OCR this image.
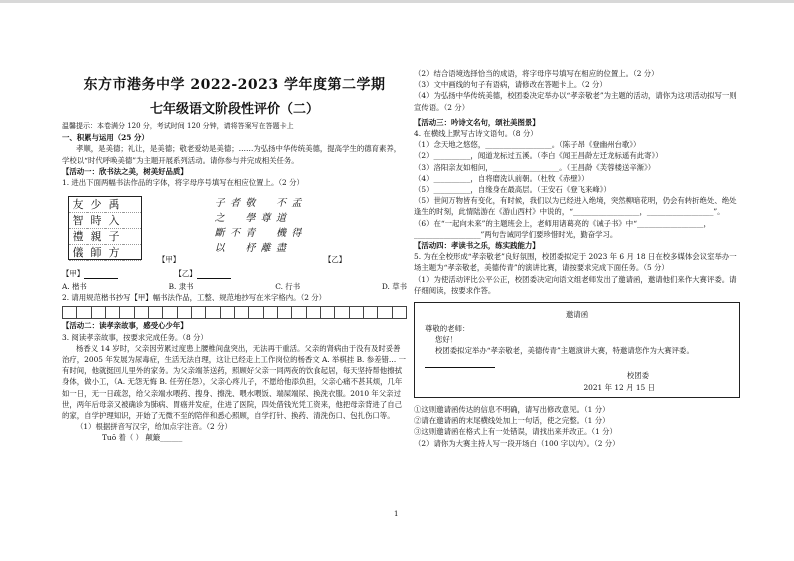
东方市港务中学 2022-2023 学年度第二学期
七年级语文阶段性评价（二）

温馨提示：本卷满分 120 分，考试时间 120 分钟，请将答案写在答题卡上

一、积累与运用（25 分）

孝顺，是美德；礼让，是美德；敬老爱幼是美德；……为弘扬中华传统美德，提高学生的德育素养，学校以“时代呼唤美德”为主题开展系列活动。请你参与并完成相关任务。

【活动一：欣书法之美，树美好品质】

1. 进出下面两幅书法作品的字体，将字母序号填写在相应位置上。（2 分）

友 少 禹
智 時 入
禮 親 子
儀 師 方
子 者 敬 不 孟
之 學 尊 道
斷 不 青 機 得
以 杼 離 盡
【甲】	【乙】
【甲】	【乙】
A. 楷书	B. 隶书	C. 行书	D. 草书

2. 请用规范楷书抄写【甲】幅书法作品，工整、规范地抄写在米字格内。（2 分）

【活动二：读孝亲故事，感受心少年】

3. 阅读孝亲故事，按要求完成任务。（8 分）

杨香义 14 岁时，父亲因劳累过度患上腰椎间盘突出，无法再干重活。父亲的肾病由于没有及时妥善治疗，2005 年发展为尿毒症，生活无法自理，这让已经走上工作岗位的杨香文 A. 举棋挂 B. 参差错… 一有时间，他就挺回儿里外的家务。为父亲端茶送药，照顾好父亲一同两夜的饮食起居，每天坚持帮他擦拭身体，做小工，（A. 无怨无悔 B. 任劳任怨），父亲心疼儿子，不愿给他添负担，父亲心痛不甚其烦，几年如一日，无一日疏忽，给父亲端水喂药、搜身、擦洗、喂水喂饭、端屎端尿、换洗衣服。2010 年父亲过世，两年后母亲又被确诊为肺病、胃癌并发症，住进了医院，四处借钱光凭工资来，他把母亲背进了自己的家，自学护理知识，开始了无微不至的陪伴和悉心照顾，自学打针、换药、清洗伤口、包扎伤口等。

（1）根据拼音写汉字，给加点字注音。（2 分）

Tuō 着（ ） 颠簸______

（2）结合语境选择恰当的成语，将字母序号填写在相应的位置上。（2 分）

（3）文中画线的句子有语病，请修改在答题卡上。（2 分）

（4）为弘扬中华传统美德，校团委决定举办以“孝亲敬老”为主题的活动，请你为这项活动拟写一则宣传语。（2 分）

【活动三：吟诗文名句，颂社美图景】

4. 在横线上默写古诗文语句。（8 分）

（1）念天地之悠悠，__________________。（陈子昂《登幽州台歌》）

（2）__________，闻道龙标过五溪。（李白《闻王昌龄左迁龙标遥有此寄》）

（3）洛阳亲友如相问，__________________。（王昌龄《芙蓉楼送辛渐》）

（4）__________，自将磨洗认前朝。（杜牧《赤壁》）

（5）__________，自缘身在最高层。（王安石《登飞来峰》）

（5）世间万物皆有变化，有时候，我们以为已经进入绝境，突然柳暗花明，仍会有转折绝处、绝处逢生的时刻，此情陆游在《游山西村》中说的，“__________________，__________________”。

（6）在“一起向未来”的主题班会上，老师用诸葛亮的《诫子书》中“__________________，__________________”两句告诫同学们要珍惜时光，勤奋学习。

【活动四：孝读书之乐，练实践能力】

5. 为在全校形成“孝亲敬老”良好氛围，校团委拟定于 2023 年 6 月 18 日在校多媒体会议室举办一场主题为“孝亲敬老，美德传青”的演讲比赛，请按要求完成下面任务。（5 分）

（1）为使活动评比公平公正，校团委决定向语文组老师发出了邀请函，邀请他们来作大赛评委。请仔细阅读，按要求作答。

邀请函

尊敬的老师：

您好！

校团委拟定举办“孝亲敬老，美德传青”主题演讲大赛，特邀请您作为大赛评委。

校团委
2021 年 12 月 15 日

①这则邀请函传达的信息不明确，请写出修改意见。（1 分）

②请在邀请函的末尾横线处加上一句话，使之完整。（1 分）

③这则邀请函在格式上有一处错误，请找出来并改正。（1 分）

（2）请你为大赛主持人写一段开场白（100 字以内）。（2 分）

1
